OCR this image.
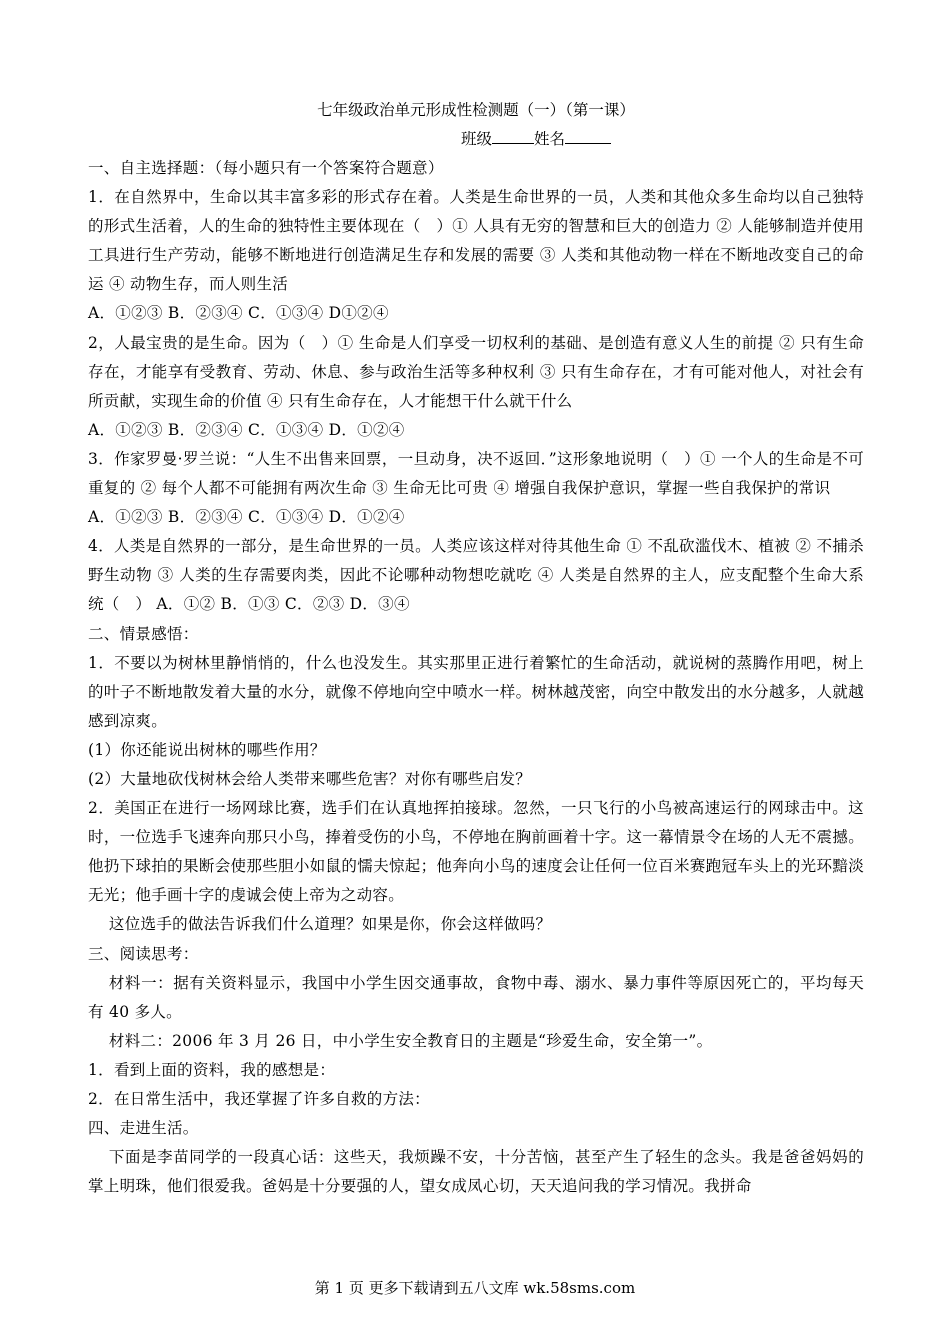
七年级政治单元形成性检测题（一）（第一课）
班级	姓名

一、自主选择题：（每小题只有一个答案符合题意）

1．在自然界中，生命以其丰富多彩的形式存在着。人类是生命世界的一员，人类和其他众多生命均以自己独特的形式生活着，人的生命的独特性主要体现在（　）① 人具有无穷的智慧和巨大的创造力 ② 人能够制造并使用工具进行生产劳动，能够不断地进行创造满足生存和发展的需要 ③ 人类和其他动物一样在不断地改变自己的命运 ④ 动物生存，而人则生活

A．①②③ B．②③④ C．①③④ D①②④

2，人最宝贵的是生命。因为（　）① 生命是人们享受一切权利的基础、是创造有意义人生的前提 ② 只有生命存在，才能享有受教育、劳动、休息、参与政治生活等多种权利 ③ 只有生命存在，才有可能对他人，对社会有所贡献，实现生命的价值 ④ 只有生命存在，人才能想干什么就干什么

A．①②③ B．②③④ C．①③④ D．①②④

3．作家罗曼·罗兰说：“人生不出售来回票，一旦动身，决不返回．”这形象地说明（　）① 一个人的生命是不可重复的 ② 每个人都不可能拥有两次生命 ③ 生命无比可贵 ④ 增强自我保护意识，掌握一些自我保护的常识

A．①②③ B．②③④ C．①③④ D．①②④

4．人类是自然界的一部分，是生命世界的一员。人类应该这样对待其他生命 ① 不乱砍滥伐木、植被 ② 不捕杀野生动物 ③ 人类的生存需要肉类，因此不论哪种动物想吃就吃 ④ 人类是自然界的主人，应支配整个生命大系统（　） A．①② B．①③ C．②③ D．③④

二、情景感悟：

1．不要以为树林里静悄悄的，什么也没发生。其实那里正进行着繁忙的生命活动，就说树的蒸腾作用吧，树上的叶子不断地散发着大量的水分，就像不停地向空中喷水一样。树林越茂密，向空中散发出的水分越多，人就越感到凉爽。

(1）你还能说出树林的哪些作用？

(2）大量地砍伐树林会给人类带来哪些危害？对你有哪些启发？

2．美国正在进行一场网球比赛，选手们在认真地挥拍接球。忽然，一只飞行的小鸟被高速运行的网球击中。这时，一位选手飞速奔向那只小鸟，捧着受伤的小鸟，不停地在胸前画着十字。这一幕情景令在场的人无不震撼。他扔下球拍的果断会使那些胆小如鼠的懦夫惊起；他奔向小鸟的速度会让任何一位百米赛跑冠车头上的光环黯淡无光；他手画十字的虔诚会使上帝为之动容。

这位选手的做法告诉我们什么道理？如果是你，你会这样做吗？

三、阅读思考：

材料一：据有关资料显示，我国中小学生因交通事故，食物中毒、溺水、暴力事件等原因死亡的，平均每天有 40 多人。

材料二：2006 年 3 月 26 日，中小学生安全教育日的主题是“珍爱生命，安全第一”。

1．看到上面的资料，我的感想是：

2．在日常生活中，我还掌握了许多自救的方法：

四、走进生活。

下面是李苗同学的一段真心话：这些天，我烦躁不安，十分苦恼，甚至产生了轻生的念头。我是爸爸妈妈的掌上明珠，他们很爱我。爸妈是十分要强的人，望女成凤心切，天天追问我的学习情况。我拼命

第 1 页 更多下载请到五八文库 wk.58sms.com
